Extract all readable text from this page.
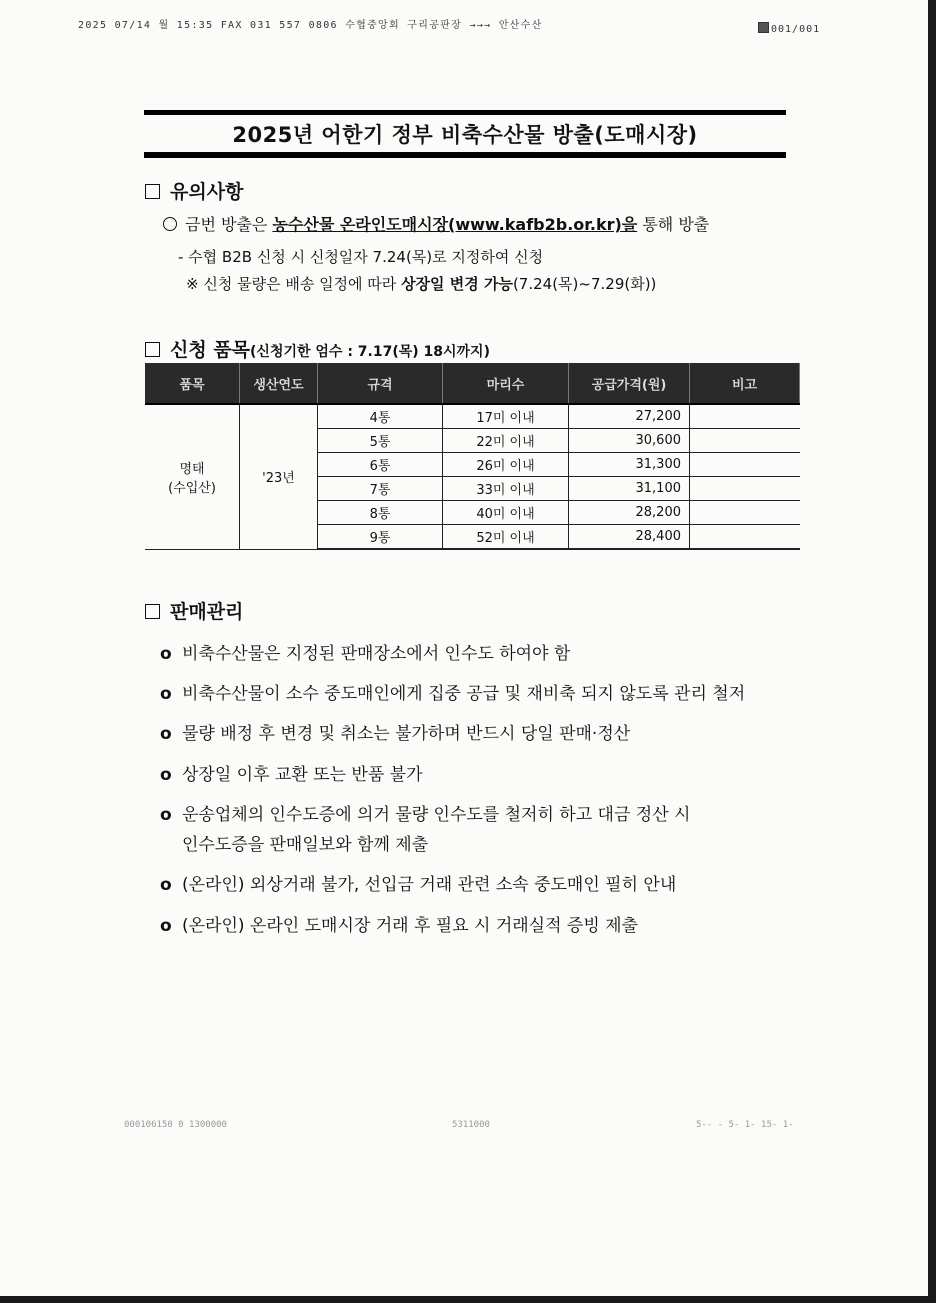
2025 07/14 월 15:35 FAX 031 557 0806 수협중앙회 구리공판장 →→→ 안산수산	001/001
2025년 어한기 정부 비축수산물 방출(도매시장)
유의사항
금번 방출은 농수산물 온라인도매시장(www.kafb2b.or.kr)을 통해 방출
- 수협 B2B 신청 시 신청일자 7.24(목)로 지정하여 신청
※ 신청 물량은 배송 일정에 따라 상장일 변경 가능(7.24(목)~7.29(화))
신청 품목(신청기한 엄수 : 7.17(목) 18시까지)
품목	생산연도	규격	마리수	공급가격(원)	비고

명태
(수입산)	'23년	4통	17미 이내	27,200	
		5통	22미 이내	30,600	
		6통	26미 이내	31,300	
		7통	33미 이내	31,100	
		8통	40미 이내	28,200	
		9통	52미 이내	28,400	
판매관리
o 비축수산물은 지정된 판매장소에서 인수도 하여야 함
o 비축수산물이 소수 중도매인에게 집중 공급 및 재비축 되지 않도록 관리 철저
o 물량 배정 후 변경 및 취소는 불가하며 반드시 당일 판매·정산
o 상장일 이후 교환 또는 반품 불가
o 운송업체의 인수도증에 의거 물량 인수도를 철저히 하고 대금 정산 시
인수도증을 판매일보와 함께 제출
o (온라인) 외상거래 불가, 선입금 거래 관련 소속 중도매인 필히 안내
o (온라인) 온라인 도매시장 거래 후 필요 시 거래실적 증빙 제출
000106150 0 1300000	5311000	5-- - 5- 1- 15- 1-
